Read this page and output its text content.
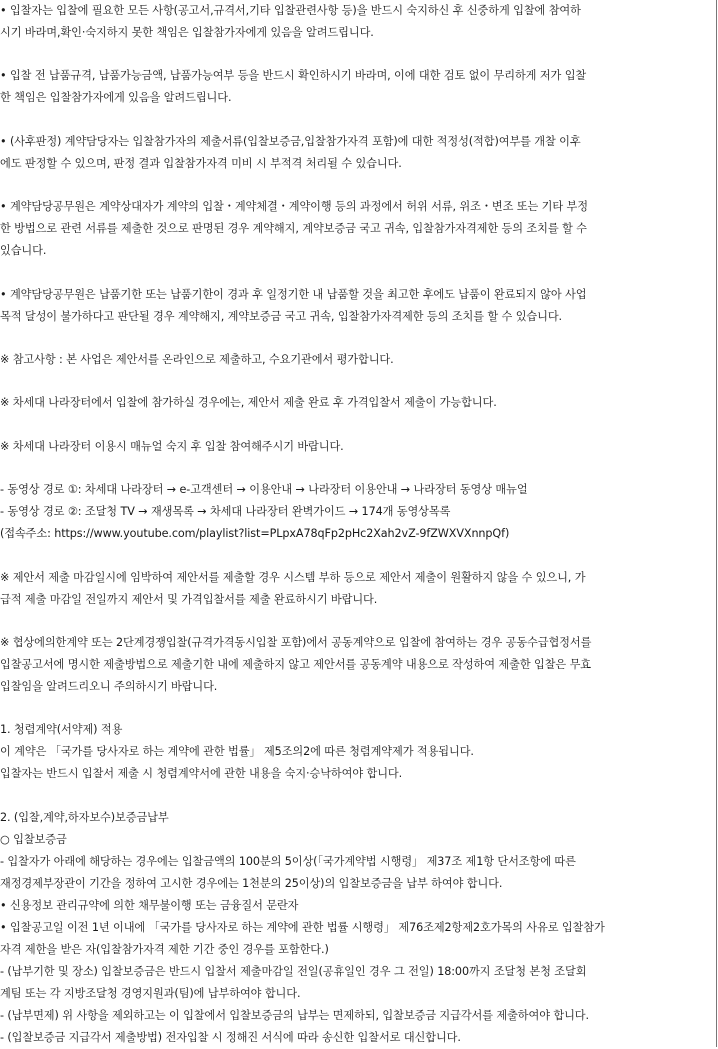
• 입찰자는 입찰에 필요한 모든 사항(공고서,규격서,기타 입찰관련사항 등)을 반드시 숙지하신 후 신중하게 입찰에 참여하
시기 바라며,확인·숙지하지 못한 책임은 입찰참가자에게 있음을 알려드립니다.
• 입찰 전 납품규격, 납품가능금액, 납품가능여부 등을 반드시 확인하시기 바라며, 이에 대한 검토 없이 무리하게 저가 입찰
한 책임은 입찰참가자에게 있음을 알려드립니다.
• (사후판정) 계약담당자는 입찰참가자의 제출서류(입찰보증금,입찰참가자격 포함)에 대한 적정성(적합)여부를 개찰 이후
에도 판정할 수 있으며, 판정 결과 입찰참가자격 미비 시 부적격 처리될 수 있습니다.
• 계약담당공무원은 계약상대자가 계약의 입찰・계약체결・계약이행 등의 과정에서 허위 서류, 위조・변조 또는 기타 부정
한 방법으로 관련 서류를 제출한 것으로 판명된 경우 계약해지, 계약보증금 국고 귀속, 입찰참가자격제한 등의 조치를 할 수
있습니다.
• 계약담당공무원은 납품기한 또는 납품기한이 경과 후 일정기한 내 납품할 것을 최고한 후에도 납품이 완료되지 않아 사업
목적 달성이 불가하다고 판단될 경우 계약해지, 계약보증금 국고 귀속, 입찰참가자격제한 등의 조치를 할 수 있습니다.
※ 참고사항 : 본 사업은 제안서를 온라인으로 제출하고, 수요기관에서 평가합니다.
※ 차세대 나라장터에서 입찰에 참가하실 경우에는, 제안서 제출 완료 후 가격입찰서 제출이 가능합니다.
※ 차세대 나라장터 이용시 매뉴얼 숙지 후 입찰 참여해주시기 바랍니다.
- 동영상 경로 ①: 차세대 나라장터 → e-고객센터 → 이용안내 → 나라장터 이용안내 → 나라장터 동영상 매뉴얼
- 동영상 경로 ②: 조달청 TV → 재생목록 → 차세대 나라장터 완벽가이드 → 174개 동영상목록
(접속주소: https://www.youtube.com/playlist?list=PLpxA78qFp2pHc2Xah2vZ-9fZWXVXnnpQf)
※ 제안서 제출 마감일시에 임박하여 제안서를 제출할 경우 시스템 부하 등으로 제안서 제출이 원활하지 않을 수 있으니, 가
급적 제출 마감일 전일까지 제안서 및 가격입찰서를 제출 완료하시기 바랍니다.
※ 협상에의한계약 또는 2단계경쟁입찰(규격가격동시입찰 포함)에서 공동계약으로 입찰에 참여하는 경우 공동수급협정서를
입찰공고서에 명시한 제출방법으로 제출기한 내에 제출하지 않고 제안서를 공동계약 내용으로 작성하여 제출한 입찰은 무효
입찰임을 알려드리오니 주의하시기 바랍니다.
1. 청렴계약(서약제) 적용
이 계약은 「국가를 당사자로 하는 계약에 관한 법률」 제5조의2에 따른 청렴계약제가 적용됩니다.
입찰자는 반드시 입찰서 제출 시 청렴계약서에 관한 내용을 숙지·승낙하여야 합니다.
2. (입찰,계약,하자보수)보증금납부
○ 입찰보증금
- 입찰자가 아래에 해당하는 경우에는 입찰금액의 100분의 5이상(「국가계약법 시행령」 제37조 제1항 단서조항에 따른
재정경제부장관이 기간을 정하여 고시한 경우에는 1천분의 25이상)의 입찰보증금을 납부 하여야 합니다.
• 신용정보 관리규약에 의한 채무불이행 또는 금융질서 문란자
• 입찰공고일 이전 1년 이내에 「국가를 당사자로 하는 계약에 관한 법률 시행령」 제76조제2항제2호가목의 사유로 입찰참가
자격 제한을 받은 자(입찰참가자격 제한 기간 중인 경우를 포함한다.)
- (납부기한 및 장소) 입찰보증금은 반드시 입찰서 제출마감일 전일(공휴일인 경우 그 전일) 18:00까지 조달청 본청 조달회
계팀 또는 각 지방조달청 경영지원과(팀)에 납부하여야 합니다.
- (납부면제) 위 사항을 제외하고는 이 입찰에서 입찰보증금의 납부는 면제하되, 입찰보증금 지급각서를 제출하여야 합니다.
- (입찰보증금 지급각서 제출방법) 전자입찰 시 정해진 서식에 따라 송신한 입찰서로 대신합니다.
